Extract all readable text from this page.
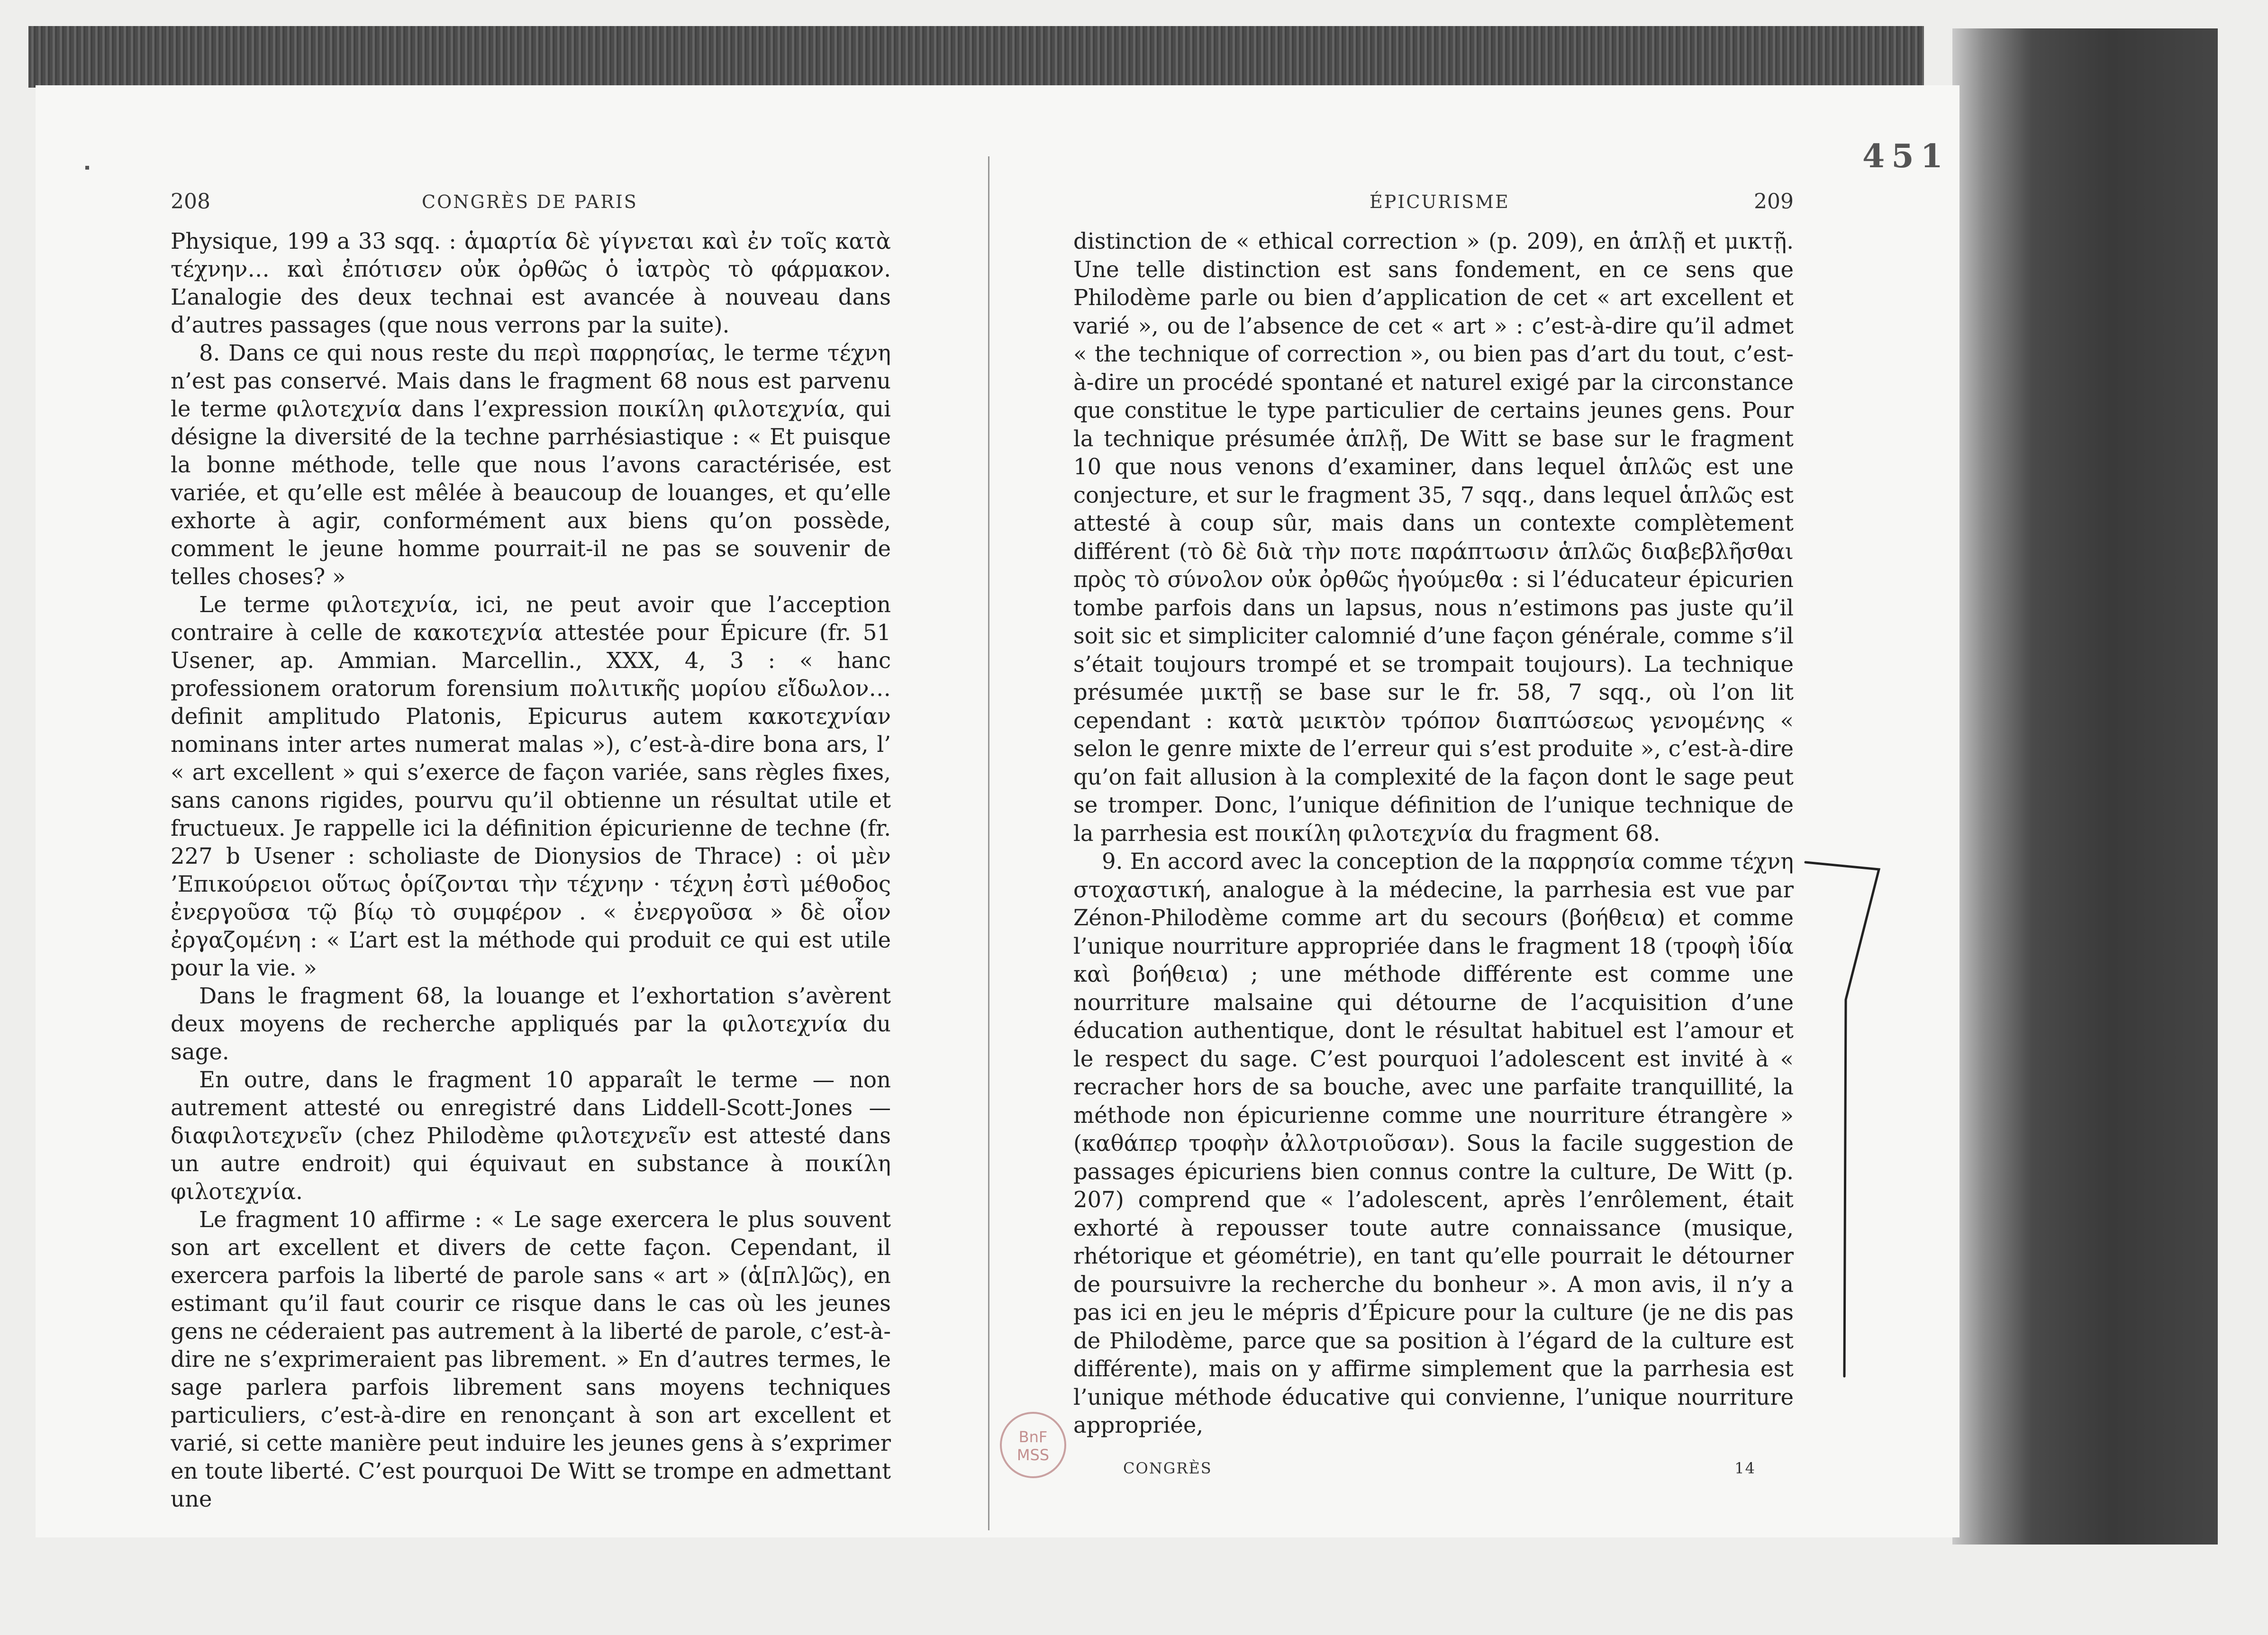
451
208	CONGRÈS DE PARIS

Physique, 199 a 33 sqq. : ἁμαρτία δὲ γίγνεται καὶ ἐν τοῖς κατὰ τέχνην… καὶ ἐπότισεν οὐκ ὀρθῶς ὁ ἰατρὸς τὸ φάρμακον. L’analogie des deux technai est avancée à nouveau dans d’autres passages (que nous verrons par la suite).

8. Dans ce qui nous reste du περὶ παρρησίας, le terme τέχνη n’est pas conservé. Mais dans le fragment 68 nous est parvenu le terme φιλοτεχνία dans l’expression ποικίλη φιλοτεχνία, qui désigne la diversité de la techne parrhésiastique : « Et puisque la bonne méthode, telle que nous l’avons caractérisée, est variée, et qu’elle est mêlée à beaucoup de louanges, et qu’elle exhorte à agir, conformément aux biens qu’on possède, comment le jeune homme pourrait-il ne pas se souvenir de telles choses? »

Le terme φιλοτεχνία, ici, ne peut avoir que l’acception contraire à celle de κακοτεχνία attestée pour Épicure (fr. 51 Usener, ap. Ammian. Marcellin., XXX, 4, 3 : « hanc professionem oratorum forensium πολιτικῆς μορίου εἴδωλον… definit amplitudo Platonis, Epicurus autem κακοτεχνίαν nominans inter artes numerat malas »), c’est-à-dire bona ars, l’ « art excellent » qui s’exerce de façon variée, sans règles fixes, sans canons rigides, pourvu qu’il obtienne un résultat utile et fructueux. Je rappelle ici la définition épicurienne de techne (fr. 227 b Usener : scholiaste de Dionysios de Thrace) : οἱ μὲν ’Επικούρειοι οὕτως ὁρίζονται τὴν τέχνην · τέχνη ἐστὶ μέθοδος ἐνεργοῦσα τῷ βίῳ τὸ συμφέρον . « ἐνεργοῦσα » δὲ οἷον ἐργαζομένη : « L’art est la méthode qui produit ce qui est utile pour la vie. »

Dans le fragment 68, la louange et l’exhortation s’avèrent deux moyens de recherche appliqués par la φιλοτεχνία du sage.

En outre, dans le fragment 10 apparaît le terme — non autrement attesté ou enregistré dans Liddell-Scott-Jones — διαφιλοτεχνεῖν (chez Philodème φιλοτεχνεῖν est attesté dans un autre endroit) qui équivaut en substance à ποικίλη φιλοτεχνία.

Le fragment 10 affirme : « Le sage exercera le plus souvent son art excellent et divers de cette façon. Cependant, il exercera parfois la liberté de parole sans « art » (ἁ[πλ]ῶς), en estimant qu’il faut courir ce risque dans le cas où les jeunes gens ne céderaient pas autrement à la liberté de parole, c’est-à-dire ne s’exprimeraient pas librement. » En d’autres termes, le sage parlera parfois librement sans moyens techniques particuliers, c’est-à-dire en renonçant à son art excellent et varié, si cette manière peut induire les jeunes gens à s’exprimer en toute liberté. C’est pourquoi De Witt se trompe en admettant une

ÉPICURISME	209

distinction de « ethical correction » (p. 209), en ἁπλῇ et μικτῇ. Une telle distinction est sans fondement, en ce sens que Philodème parle ou bien d’application de cet « art excellent et varié », ou de l’absence de cet « art » : c’est-à-dire qu’il admet « the technique of correction », ou bien pas d’art du tout, c’est-à-dire un procédé spontané et naturel exigé par la circonstance que constitue le type particulier de certains jeunes gens. Pour la technique présumée ἁπλῇ, De Witt se base sur le fragment 10 que nous venons d’examiner, dans lequel ἁπλῶς est une conjecture, et sur le fragment 35, 7 sqq., dans lequel ἁπλῶς est attesté à coup sûr, mais dans un contexte complètement différent (τὸ δὲ διὰ τὴν ποτε παράπτωσιν ἁπλῶς διαβεβλῆσθαι πρὸς τὸ σύνολον οὐκ ὀρθῶς ἡγούμεθα : si l’éducateur épicurien tombe parfois dans un lapsus, nous n’estimons pas juste qu’il soit sic et simpliciter calomnié d’une façon générale, comme s’il s’était toujours trompé et se trompait toujours). La technique présumée μικτῇ se base sur le fr. 58, 7 sqq., où l’on lit cependant : κατὰ μεικτὸν τρόπον διαπτώσεως γενομένης « selon le genre mixte de l’erreur qui s’est produite », c’est-à-dire qu’on fait allusion à la complexité de la façon dont le sage peut se tromper. Donc, l’unique définition de l’unique technique de la parrhesia est ποικίλη φιλοτεχνία du fragment 68.

9. En accord avec la conception de la παρρησία comme τέχνη στοχαστική, analogue à la médecine, la parrhesia est vue par Zénon-Philodème comme art du secours (βοήθεια) et comme l’unique nourriture appropriée dans le fragment 18 (τροφὴ ἰδία καὶ βοήθεια) ; une méthode différente est comme une nourriture malsaine qui détourne de l’acquisition d’une éducation authentique, dont le résultat habituel est l’amour et le respect du sage. C’est pourquoi l’adolescent est invité à « recracher hors de sa bouche, avec une parfaite tranquillité, la méthode non épicurienne comme une nourriture étrangère » (καθάπερ τροφὴν ἀλλοτριοῦσαν). Sous la facile suggestion de passages épicuriens bien connus contre la culture, De Witt (p. 207) comprend que « l’adolescent, après l’enrôlement, était exhorté à repousser toute autre connaissance (musique, rhétorique et géométrie), en tant qu’elle pourrait le détourner de poursuivre la recherche du bonheur ». A mon avis, il n’y a pas ici en jeu le mépris d’Épicure pour la culture (je ne dis pas de Philodème, parce que sa position à l’égard de la culture est différente), mais on y affirme simplement que la parrhesia est l’unique méthode éducative qui convienne, l’unique nourriture appropriée,

CONGRÈS	14
BnF
MSS
